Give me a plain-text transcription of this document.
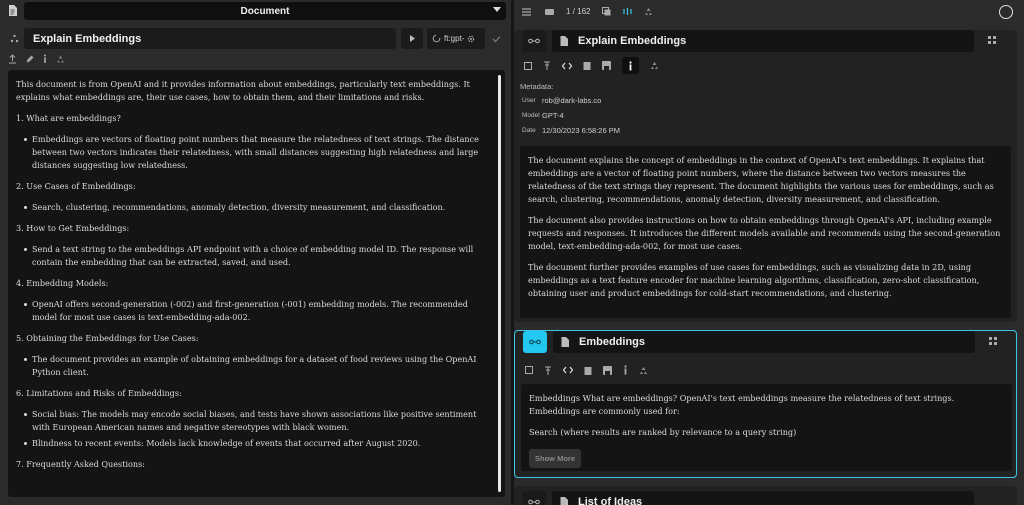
Document
Explain Embeddings	ft:gpt-

This document is from OpenAI and it provides information about embeddings, particularly text embeddings. It explains what embeddings are, their use cases, how to obtain them, and their limitations and risks.

1. What are embeddings?
Embeddings are vectors of floating point numbers that measure the relatedness of text strings. The distance between two vectors indicates their relatedness, with small distances suggesting high relatedness and large distances suggesting low relatedness.
2. Use Cases of Embeddings:
Search, clustering, recommendations, anomaly detection, diversity measurement, and classification.
3. How to Get Embeddings:
Send a text string to the embeddings API endpoint with a choice of embedding model ID. The response will contain the embedding that can be extracted, saved, and used.
4. Embedding Models:
OpenAI offers second-generation (-002) and first-generation (-001) embedding models. The recommended model for most use cases is text-embedding-ada-002.
5. Obtaining the Embeddings for Use Cases:
The document provides an example of obtaining embeddings for a dataset of food reviews using the OpenAI Python client.
6. Limitations and Risks of Embeddings:
Social bias: The models may encode social biases, and tests have shown associations like positive sentiment with European American names and negative stereotypes with black women.
Blindness to recent events: Models lack knowledge of events that occurred after August 2020.
7. Frequently Asked Questions:
1 / 162
Explain Embeddings
Metadata:
User rob@dark-labs.co
Model GPT-4
Date 12/30/2023 6:58:26 PM

The document explains the concept of embeddings in the context of OpenAI's text embeddings. It explains that embeddings are a vector of floating point numbers, where the distance between two vectors measures the relatedness of the text strings they represent. The document highlights the various uses for embeddings, such as search, clustering, recommendations, anomaly detection, diversity measurement, and classification.

The document also provides instructions on how to obtain embeddings through OpenAI's API, including example requests and responses. It introduces the different models available and recommends using the second-generation model, text-embedding-ada-002, for most use cases.

The document further provides examples of use cases for embeddings, such as visualizing data in 2D, using embeddings as a text feature encoder for machine learning algorithms, classification, zero-shot classification, obtaining user and product embeddings for cold-start recommendations, and clustering.

Embeddings

Embeddings What are embeddings? OpenAI's text embeddings measure the relatedness of text strings. Embeddings are commonly used for:

Search (where results are ranked by relevance to a query string)

Show More
List of Ideas
